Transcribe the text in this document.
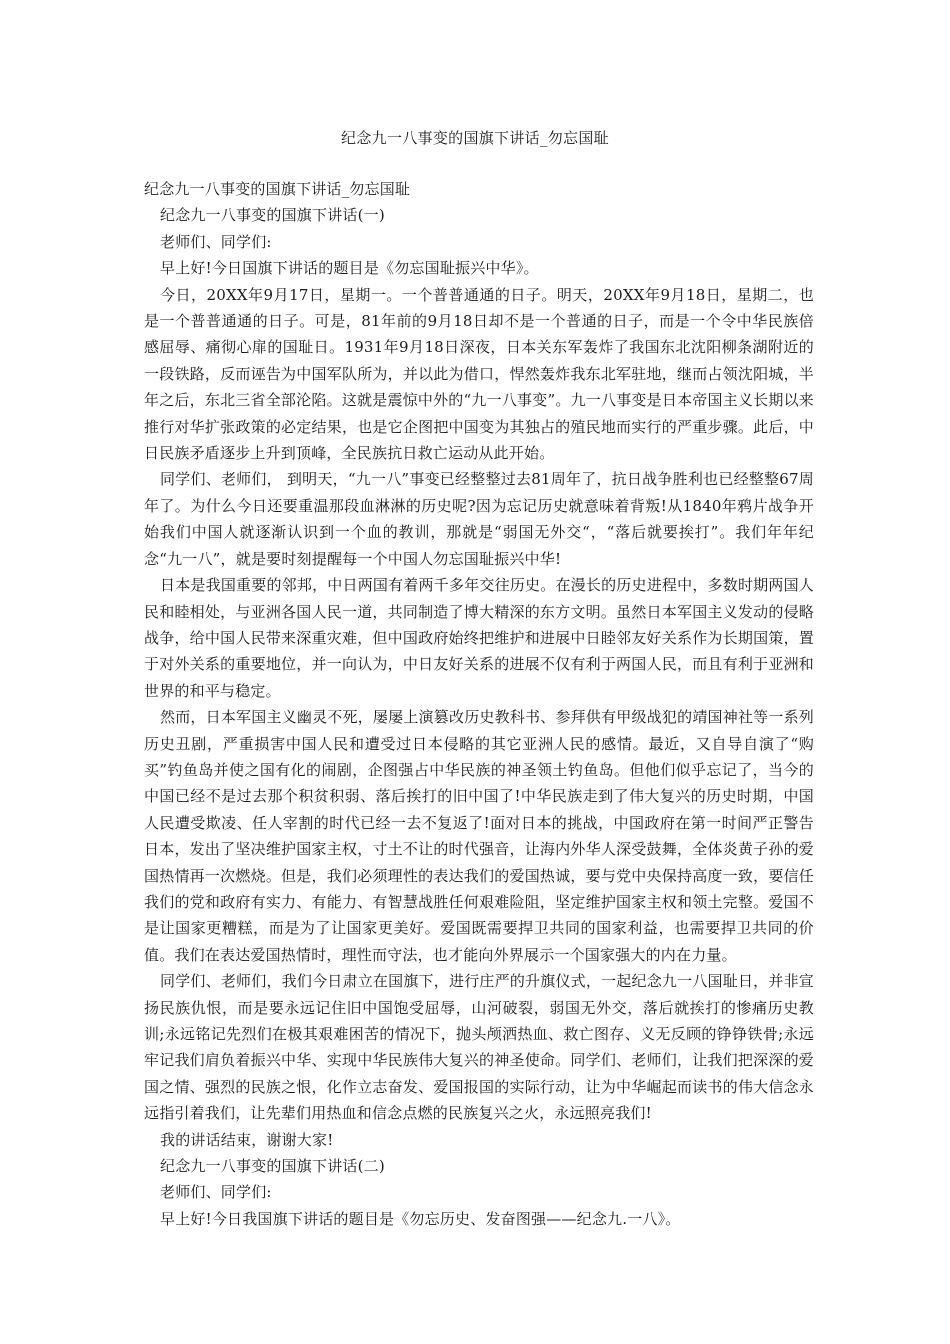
纪念九一八事变的国旗下讲话_勿忘国耻

纪念九一八事变的国旗下讲话_勿忘国耻

纪念九一八事变的国旗下讲话(一)

老师们、同学们:

早上好!今日国旗下讲话的题目是《勿忘国耻振兴中华》。

今日，20XX年9月17日，星期一。一个普普通通的日子。明天，20XX年9月18日，星期二，也是一个普普通通的日子。可是，81年前的9月18日却不是一个普通的日子，而是一个令中华民族倍感屈辱、痛彻心扉的国耻日。1931年9月18日深夜，日本关东军轰炸了我国东北沈阳柳条湖附近的一段铁路，反而诬告为中国军队所为，并以此为借口，悍然轰炸我东北军驻地，继而占领沈阳城，半年之后，东北三省全部沦陷。这就是震惊中外的“九一八事变”。九一八事变是日本帝国主义长期以来推行对华扩张政策的必定结果，也是它企图把中国变为其独占的殖民地而实行的严重步骤。此后，中日民族矛盾逐步上升到顶峰，全民族抗日救亡运动从此开始。

同学们、老师们， 到明天，“九一八”事变已经整整过去81周年了，抗日战争胜利也已经整整67周年了。为什么今日还要重温那段血淋淋的历史呢?因为忘记历史就意味着背叛!从1840年鸦片战争开始我们中国人就逐渐认识到一个血的教训，那就是“弱国无外交“，“落后就要挨打”。我们年年纪念“九一八”，就是要时刻提醒每一个中国人勿忘国耻振兴中华!

日本是我国重要的邻邦，中日两国有着两千多年交往历史。在漫长的历史进程中，多数时期两国人民和睦相处，与亚洲各国人民一道，共同制造了博大精深的东方文明。虽然日本军国主义发动的侵略战争，给中国人民带来深重灾难，但中国政府始终把维护和进展中日睦邻友好关系作为长期国策，置于对外关系的重要地位，并一向认为，中日友好关系的进展不仅有利于两国人民，而且有利于亚洲和世界的和平与稳定。

然而，日本军国主义幽灵不死，屡屡上演篡改历史教科书、参拜供有甲级战犯的靖国神社等一系列历史丑剧，严重损害中国人民和遭受过日本侵略的其它亚洲人民的感情。最近，又自导自演了“购买”钓鱼岛并使之国有化的闹剧，企图强占中华民族的神圣领土钓鱼岛。但他们似乎忘记了，当今的中国已经不是过去那个积贫积弱、落后挨打的旧中国了!中华民族走到了伟大复兴的历史时期，中国人民遭受欺凌、任人宰割的时代已经一去不复返了!面对日本的挑战，中国政府在第一时间严正警告日本，发出了坚决维护国家主权，寸土不让的时代强音，让海内外华人深受鼓舞，全体炎黄子孙的爱国热情再一次燃烧。但是，我们必须理性的表达我们的爱国热诚，要与党中央保持高度一致，要信任我们的党和政府有实力、有能力、有智慧战胜任何艰难险阻，坚定维护国家主权和领土完整。爱国不是让国家更糟糕，而是为了让国家更美好。爱国既需要捍卫共同的国家利益，也需要捍卫共同的价值。我们在表达爱国热情时，理性而守法，也才能向外界展示一个国家强大的内在力量。

同学们、老师们，我们今日肃立在国旗下，进行庄严的升旗仪式，一起纪念九一八国耻日，并非宣扬民族仇恨，而是要永远记住旧中国饱受屈辱，山河破裂，弱国无外交，落后就挨打的惨痛历史教训;永远铭记先烈们在极其艰难困苦的情况下，抛头颅洒热血、救亡图存、义无反顾的铮铮铁骨;永远牢记我们肩负着振兴中华、实现中华民族伟大复兴的神圣使命。同学们、老师们，让我们把深深的爱国之情、强烈的民族之恨，化作立志奋发、爱国报国的实际行动，让为中华崛起而读书的伟大信念永远指引着我们，让先辈们用热血和信念点燃的民族复兴之火，永远照亮我们!

我的讲话结束，谢谢大家!

纪念九一八事变的国旗下讲话(二)

老师们、同学们:

早上好!今日我国旗下讲话的题目是《勿忘历史、发奋图强——纪念九.一八》。
